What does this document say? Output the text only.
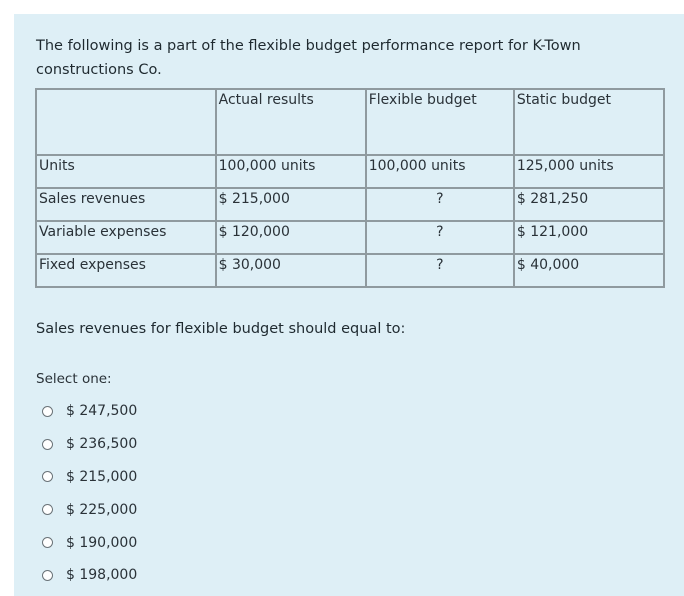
The following is a part of the flexible budget performance report for K-Town constructions Co.

	Actual results	Flexible budget	Static budget
Units	100,000 units	100,000 units	125,000 units
Sales revenues	$ 215,000	?	$ 281,250
Variable expenses	$ 120,000	?	$ 121,000
Fixed expenses	$ 30,000	?	$ 40,000

Sales revenues for flexible budget should equal to:

Select one:

$ 247,500
$ 236,500
$ 215,000
$ 225,000
$ 190,000
$ 198,000
